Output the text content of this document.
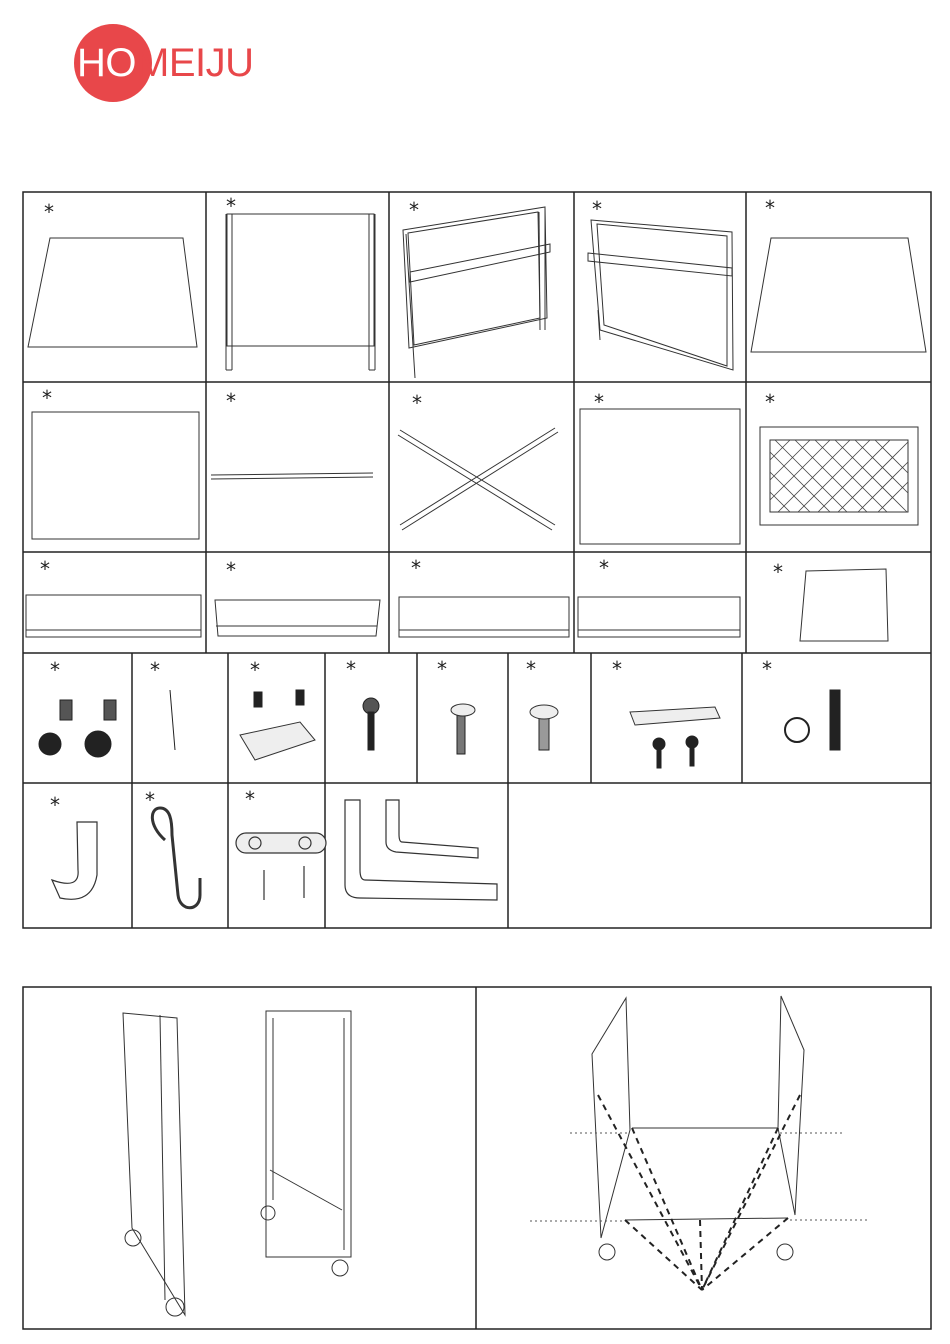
HOMEIJU
*	*	*	*	*
*	*	*	*	*
*	*	*	*	*
*	*	*	*	*	*	*	*
*	*	*
